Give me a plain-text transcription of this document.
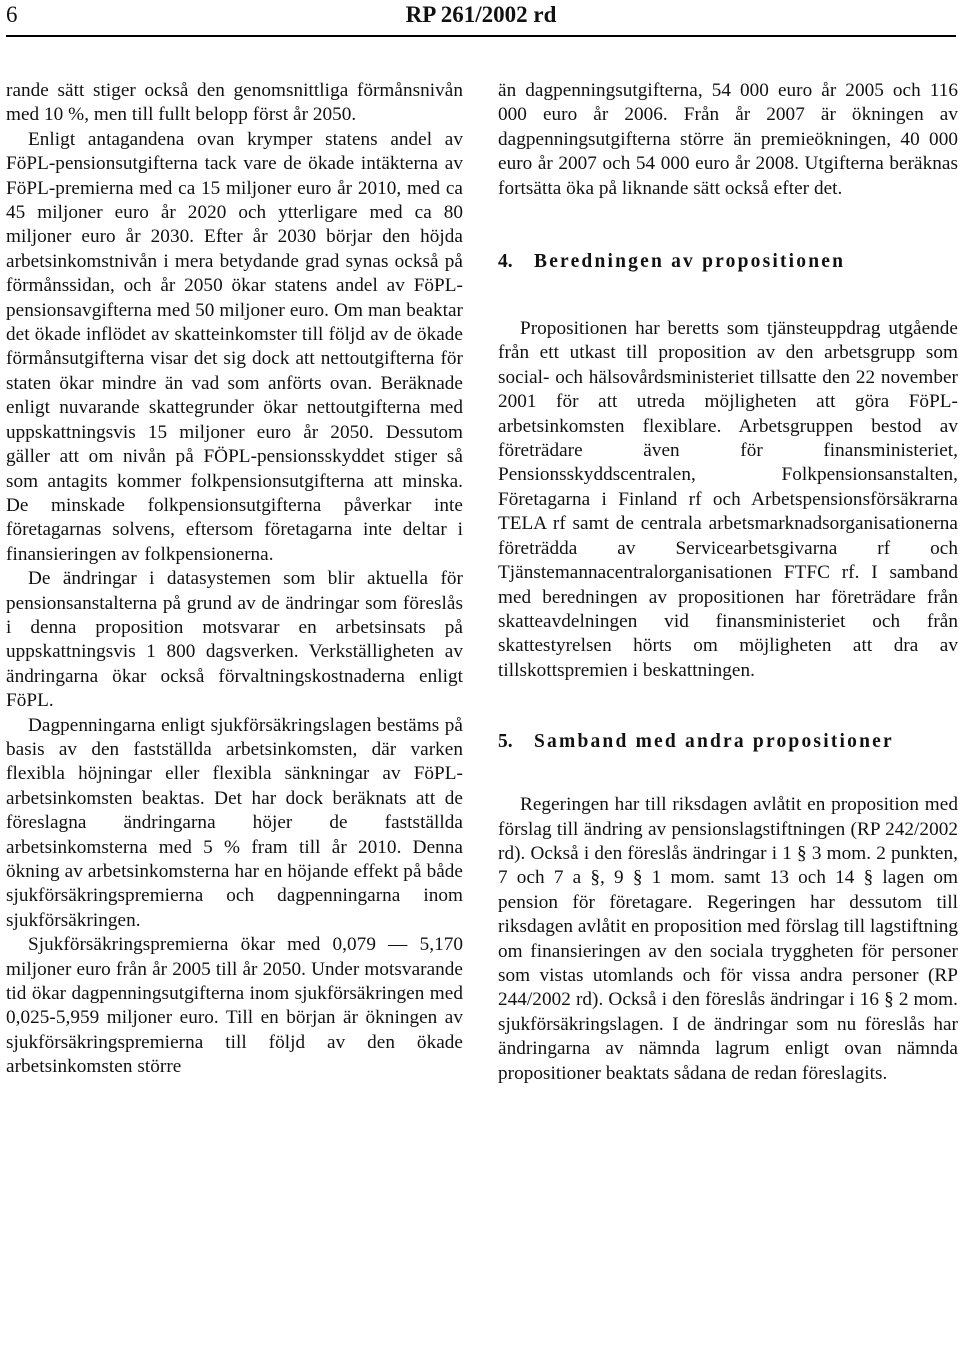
6	RP 261/2002 rd

rande sätt stiger också den genomsnittliga förmånsnivån med 10 %, men till fullt belopp först år 2050.

Enligt antagandena ovan krymper statens andel av FöPL-pensionsutgifterna tack vare de ökade intäkterna av FöPL-premierna med ca 15 miljoner euro år 2010, med ca 45 miljoner euro år 2020 och ytterligare med ca 80 miljoner euro år 2030. Efter år 2030 börjar den höjda arbetsinkomstnivån i mera betydande grad synas också på förmånssidan, och år 2050 ökar statens andel av FöPL-pensionsavgifterna med 50 miljoner euro. Om man beaktar det ökade inflödet av skatteinkomster till följd av de ökade förmånsutgifterna visar det sig dock att nettoutgifterna för staten ökar mindre än vad som anförts ovan. Beräknade enligt nuvarande skattegrunder ökar nettoutgifterna med uppskattningsvis 15 miljoner euro år 2050. Dessutom gäller att om nivån på FÖPL-pensionsskyddet stiger så som antagits kommer folkpensionsutgifterna att minska. De minskade folkpensionsutgifterna påverkar inte företagarnas solvens, eftersom företagarna inte deltar i finansieringen av folkpensionerna.

De ändringar i datasystemen som blir aktuella för pensionsanstalterna på grund av de ändringar som föreslås i denna proposition motsvarar en arbetsinsats på uppskattningsvis 1 800 dagsverken. Verkställigheten av ändringarna ökar också förvaltningskostnaderna enligt FöPL.

Dagpenningarna enligt sjukförsäkringslagen bestäms på basis av den fastställda arbetsinkomsten, där varken flexibla höjningar eller flexibla sänkningar av FöPL-arbetsinkomsten beaktas. Det har dock beräknats att de föreslagna ändringarna höjer de fastställda arbetsinkomsterna med 5 % fram till år 2010. Denna ökning av arbetsinkomsterna har en höjande effekt på både sjukförsäkringspremierna och dagpenningarna inom sjukförsäkringen.

Sjukförsäkringspremierna ökar med 0,079 — 5,170 miljoner euro från år 2005 till år 2050. Under motsvarande tid ökar dagpenningsutgifterna inom sjukförsäkringen med 0,025-5,959 miljoner euro. Till en början är ökningen av sjukförsäkringspremierna till följd av den ökade arbetsinkomsten större

än dagpenningsutgifterna, 54 000 euro år 2005 och 116 000 euro år 2006. Från år 2007 är ökningen av dagpenningsutgifterna större än premieökningen, 40 000 euro år 2007 och 54 000 euro år 2008. Utgifterna beräknas fortsätta öka på liknande sätt också efter det.

4.	Beredningen av propositionen

Propositionen har beretts som tjänsteuppdrag utgående från ett utkast till proposition av den arbetsgrupp som social- och hälsovårdsministeriet tillsatte den 22 november 2001 för att utreda möjligheten att göra FöPL-arbetsinkomsten flexiblare. Arbetsgruppen bestod av företrädare även för finansministeriet, Pensionsskyddscentralen, Folkpensionsanstalten, Företagarna i Finland rf och Arbetspensionsförsäkrarna TELA rf samt de centrala arbetsmarknadsorganisationerna företrädda av Servicearbetsgivarna rf och Tjänstemannacentralorganisationen FTFC rf. I samband med beredningen av propositionen har företrädare från skatteavdelningen vid finansministeriet och från skattestyrelsen hörts om möjligheten att dra av tillskottspremien i beskattningen.

5.	Samband med andra propositioner

Regeringen har till riksdagen avlåtit en proposition med förslag till ändring av pensionslagstiftningen (RP 242/2002 rd). Också i den föreslås ändringar i 1 § 3 mom. 2 punkten, 7 och 7 a §, 9 § 1 mom. samt 13 och 14 § lagen om pension för företagare. Regeringen har dessutom till riksdagen avlåtit en proposition med förslag till lagstiftning om finansieringen av den sociala tryggheten för personer som vistas utomlands och för vissa andra personer (RP 244/2002 rd). Också i den föreslås ändringar i 16 § 2 mom. sjukförsäkringslagen. I de ändringar som nu föreslås har ändringarna av nämnda lagrum enligt ovan nämnda propositioner beaktats sådana de redan föreslagits.
